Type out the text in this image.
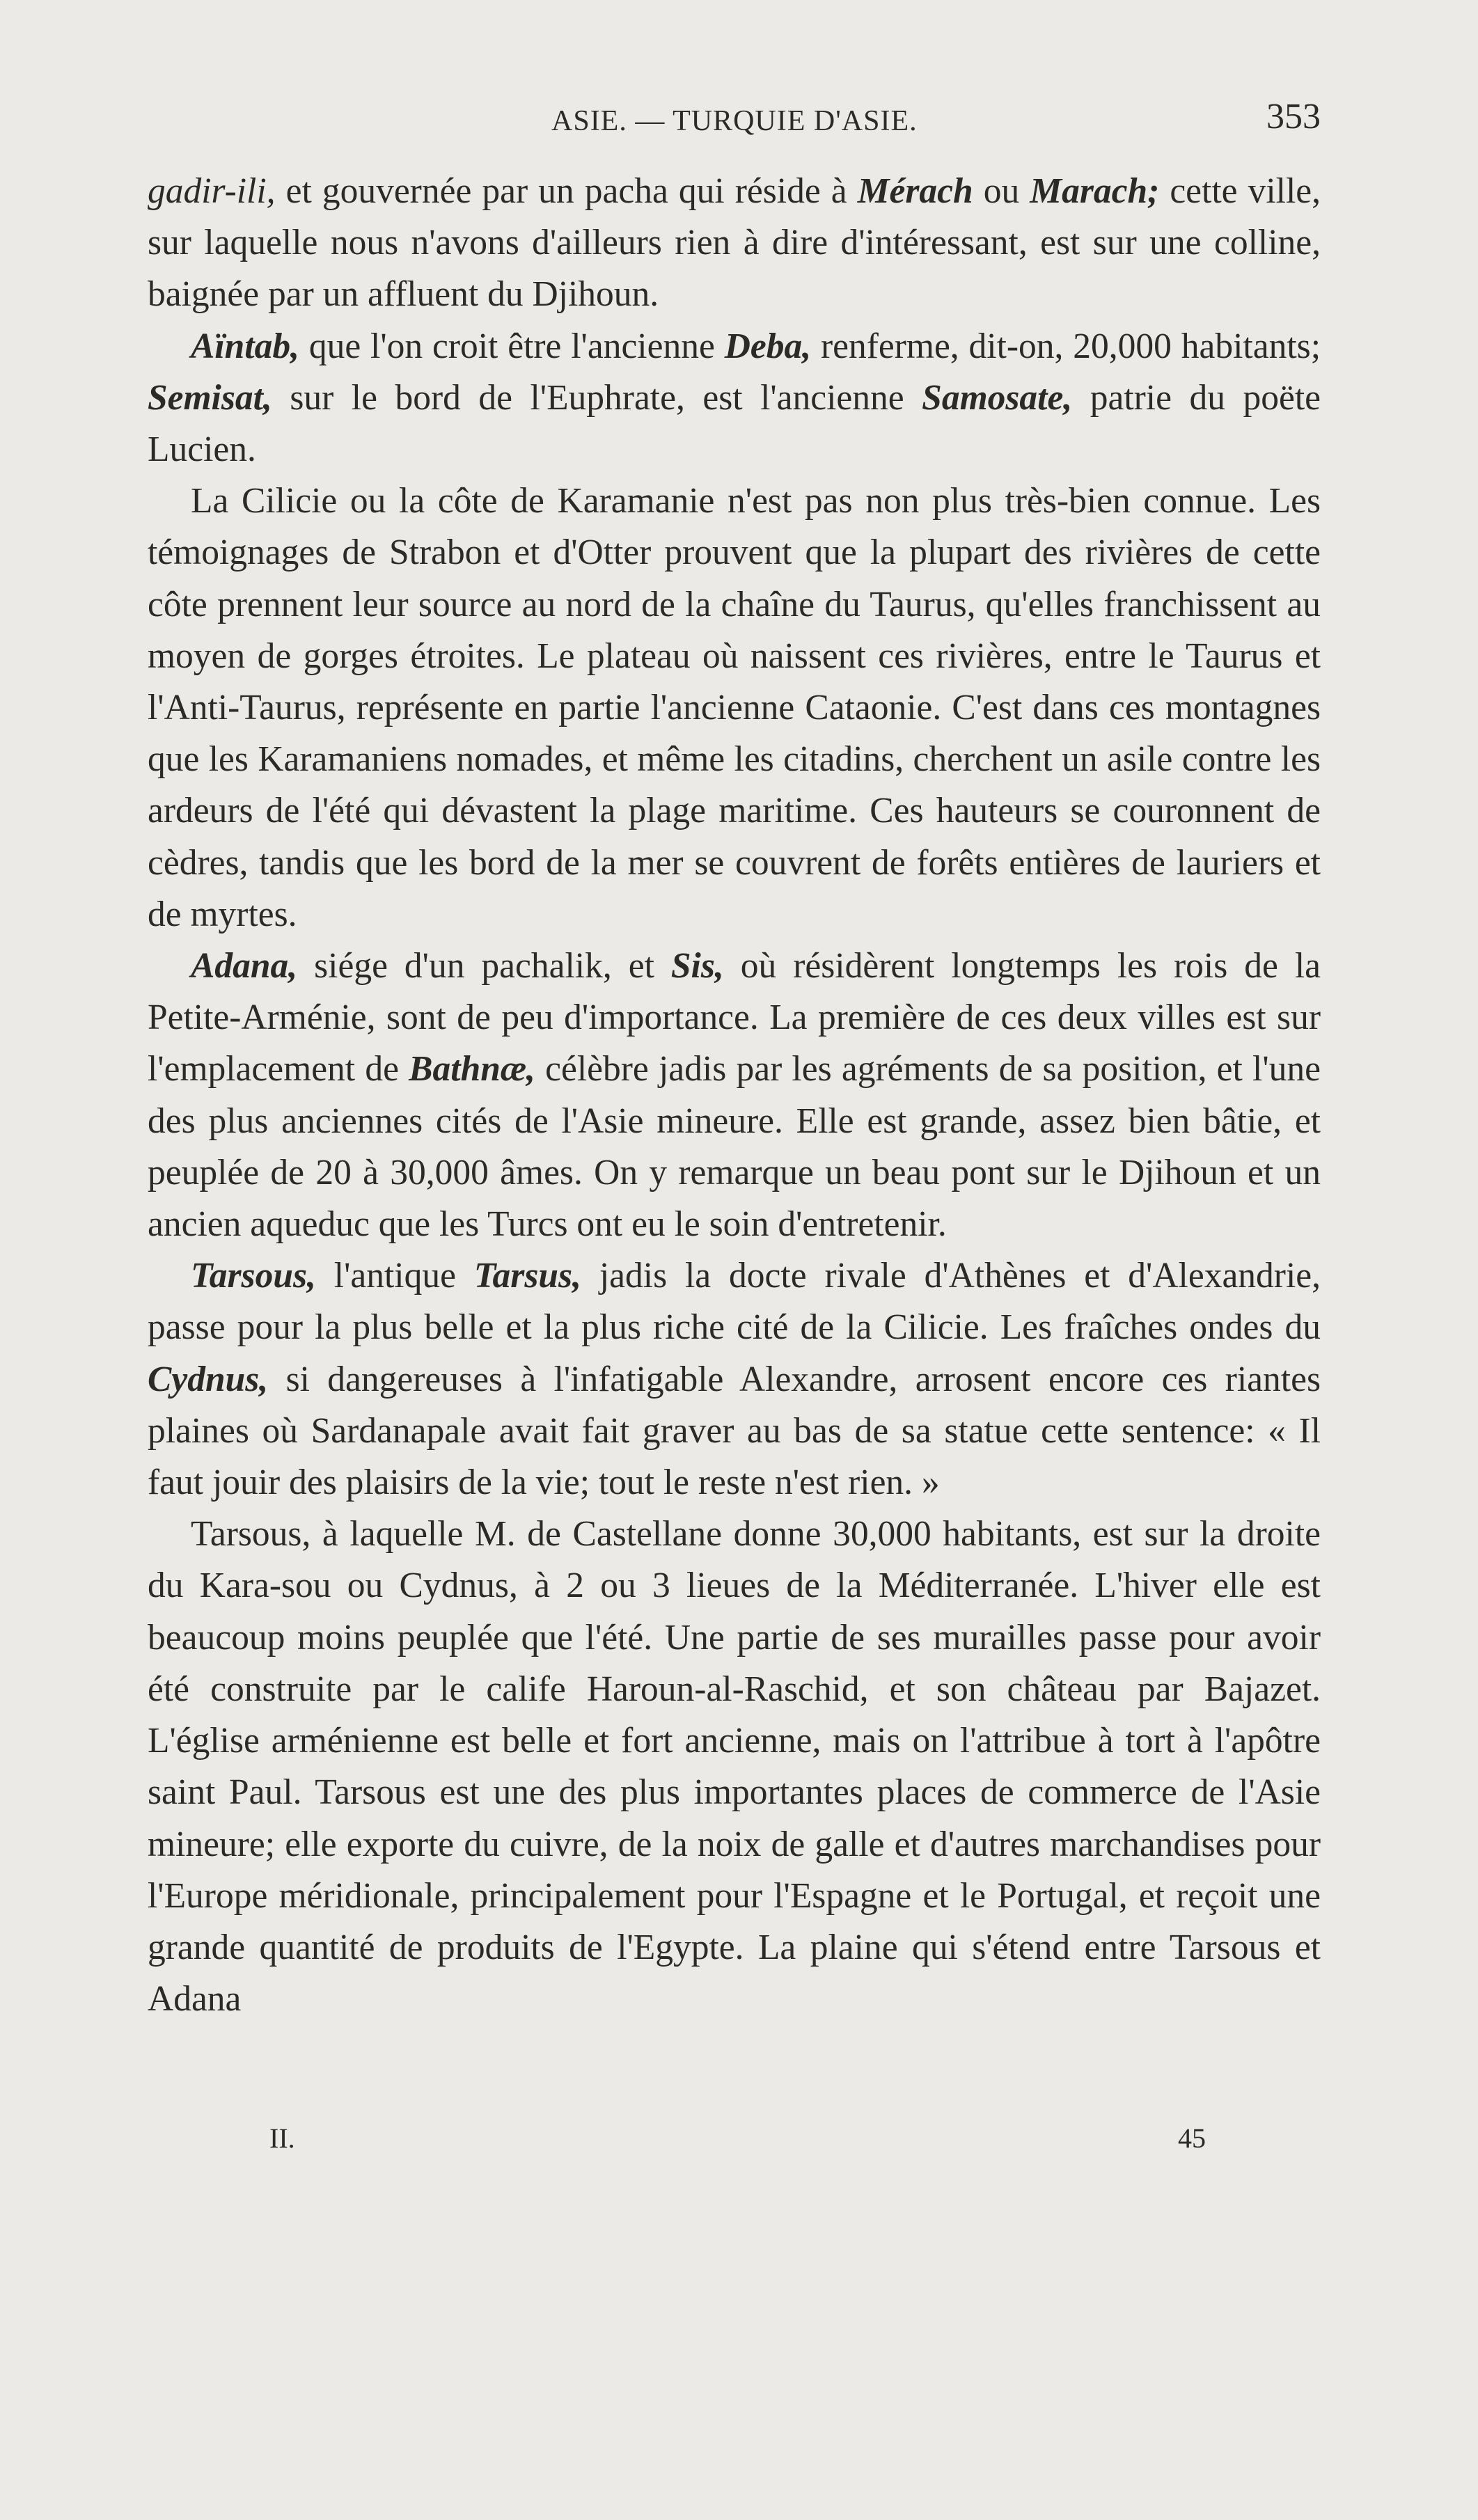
ASIE. — TURQUIE D'ASIE.	353

gadir-ili, et gouvernée par un pacha qui réside à Mérach ou Marach; cette ville, sur laquelle nous n'avons d'ailleurs rien à dire d'intéressant, est sur une colline, baignée par un affluent du Djihoun.

Aïntab, que l'on croit être l'ancienne Deba, renferme, dit-on, 20,000 habitants; Semisat, sur le bord de l'Euphrate, est l'ancienne Samosate, patrie du poëte Lucien.

La Cilicie ou la côte de Karamanie n'est pas non plus très-bien connue. Les témoignages de Strabon et d'Otter prouvent que la plupart des rivières de cette côte prennent leur source au nord de la chaîne du Taurus, qu'elles franchissent au moyen de gorges étroites. Le plateau où naissent ces rivières, entre le Taurus et l'Anti-Taurus, représente en partie l'ancienne Cataonie. C'est dans ces montagnes que les Karamaniens nomades, et même les citadins, cherchent un asile contre les ardeurs de l'été qui dévastent la plage maritime. Ces hauteurs se couronnent de cèdres, tandis que les bord de la mer se couvrent de forêts entières de lauriers et de myrtes.

Adana, siége d'un pachalik, et Sis, où résidèrent longtemps les rois de la Petite-Arménie, sont de peu d'importance. La première de ces deux villes est sur l'emplacement de Bathnæ, célèbre jadis par les agréments de sa position, et l'une des plus anciennes cités de l'Asie mineure. Elle est grande, assez bien bâtie, et peuplée de 20 à 30,000 âmes. On y remarque un beau pont sur le Djihoun et un ancien aqueduc que les Turcs ont eu le soin d'entretenir.

Tarsous, l'antique Tarsus, jadis la docte rivale d'Athènes et d'Alexandrie, passe pour la plus belle et la plus riche cité de la Cilicie. Les fraîches ondes du Cydnus, si dangereuses à l'infatigable Alexandre, arrosent encore ces riantes plaines où Sardanapale avait fait graver au bas de sa statue cette sentence: « Il faut jouir des plaisirs de la vie; tout le reste n'est rien. »

Tarsous, à laquelle M. de Castellane donne 30,000 habitants, est sur la droite du Kara-sou ou Cydnus, à 2 ou 3 lieues de la Méditerranée. L'hiver elle est beaucoup moins peuplée que l'été. Une partie de ses murailles passe pour avoir été construite par le calife Haroun-al-Raschid, et son château par Bajazet. L'église arménienne est belle et fort ancienne, mais on l'attribue à tort à l'apôtre saint Paul. Tarsous est une des plus importantes places de commerce de l'Asie mineure; elle exporte du cuivre, de la noix de galle et d'autres marchandises pour l'Europe méridionale, principalement pour l'Espagne et le Portugal, et reçoit une grande quantité de produits de l'Egypte. La plaine qui s'étend entre Tarsous et Adana

II.	45
